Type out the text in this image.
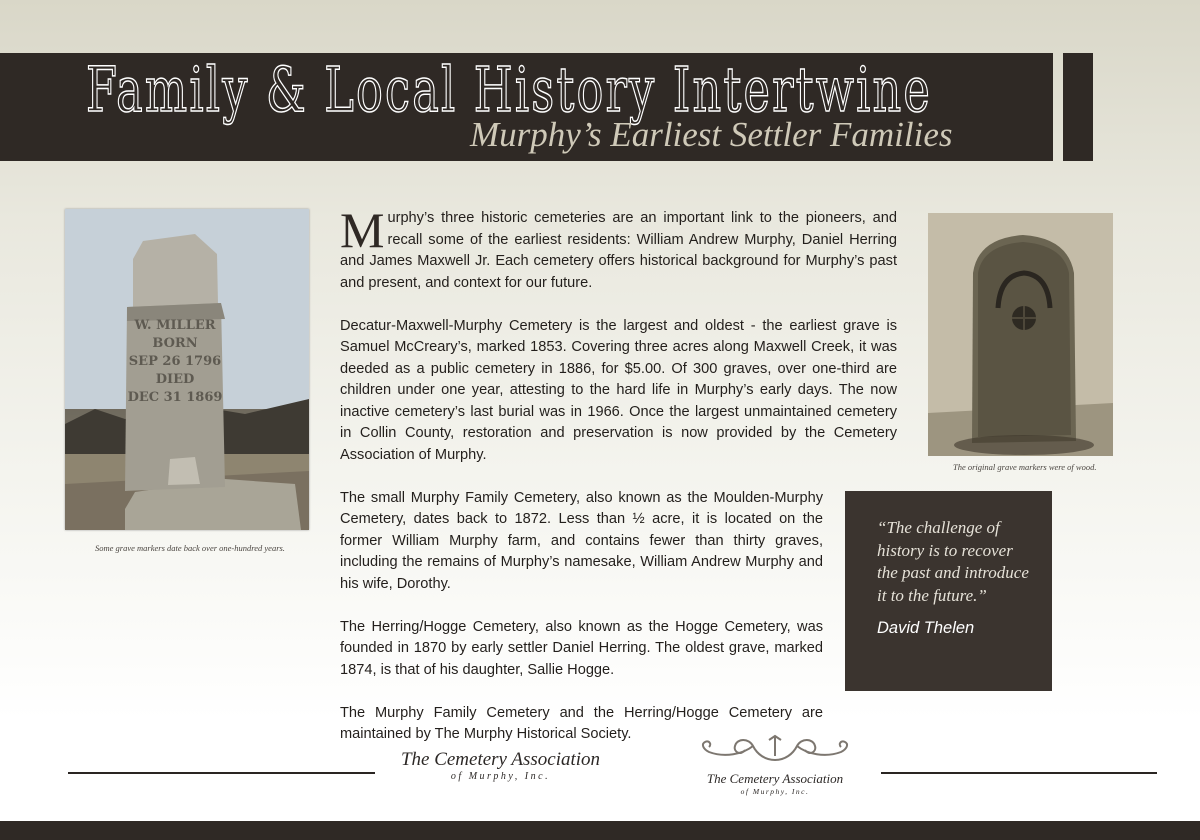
Family & Local History Intertwine
Murphy’s Earliest Settler Families
W. MILLER
BORN
SEP 26 1796
DIED
DEC 31 1869

Some grave markers date back over one-hundred years.

The original grave markers were of wood.

Murphy’s three historic cemeteries are an important link to the pioneers, and recall some of the earliest residents: William Andrew Murphy, Daniel Herring and James Maxwell Jr. Each cemetery offers historical background for Murphy’s past and present, and context for our future.

Decatur-Maxwell-Murphy Cemetery is the largest and oldest - the earliest grave is Samuel McCreary’s, marked 1853. Covering three acres along Maxwell Creek, it was deeded as a public cemetery in 1886, for $5.00. Of 300 graves, over one-third are children under one year, attesting to the hard life in Murphy’s early days. The now inactive cemetery’s last burial was in 1966. Once the largest unmaintained cemetery in Collin County, restoration and preservation is now provided by the Cemetery Association of Murphy.

The small Murphy Family Cemetery, also known as the Moulden-Murphy Cemetery, dates back to 1872. Less than ½ acre, it is located on the former William Murphy farm, and contains fewer than thirty graves, including the remains of Murphy’s namesake, William Andrew Murphy and his wife, Dorothy.

The Herring/Hogge Cemetery, also known as the Hogge Cemetery, was founded in 1870 by early settler Daniel Herring. The oldest grave, marked 1874, is that of his daughter, Sallie Hogge.

The Murphy Family Cemetery and the Herring/Hogge Cemetery are maintained by The Murphy Historical Society.

“The challenge of history is to recover the past and introduce it to the future.”

David Thelen

The Cemetery Association
of Murphy, Inc.	The Cemetery Association
of Murphy, Inc.
